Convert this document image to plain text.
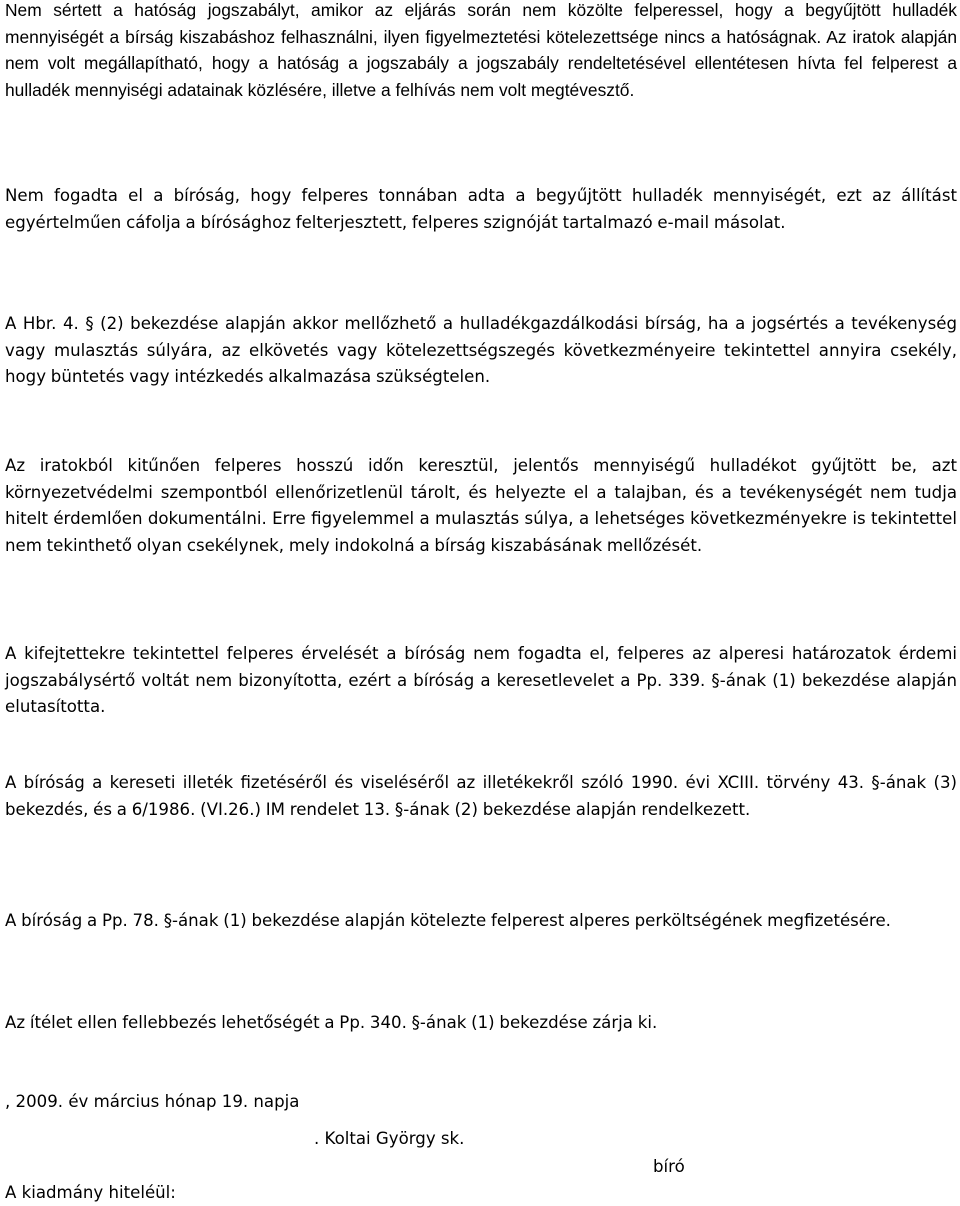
Nem sértett a hatóság jogszabályt, amikor az eljárás során nem közölte felperessel, hogy a begyűjtött hulladék mennyiségét a bírság kiszabáshoz felhasználni, ilyen figyelmeztetési kötelezettsége nincs a hatóságnak. Az iratok alapján nem volt megállapítható, hogy a hatóság a jogszabály a jogszabály rendeltetésével ellentétesen hívta fel felperest a hulladék mennyiségi adatainak közlésére, illetve a felhívás nem volt megtévesztő.

Nem fogadta el a bíróság, hogy felperes tonnában adta a begyűjtött hulladék mennyiségét, ezt az állítást egyértelműen cáfolja a bírósághoz felterjesztett, felperes szignóját tartalmazó e-mail másolat.

A Hbr. 4. § (2) bekezdése alapján akkor mellőzhető a hulladékgazdálkodási bírság, ha a jogsértés a tevékenység vagy mulasztás súlyára, az elkövetés vagy kötelezettségszegés következményeire tekintettel annyira csekély, hogy büntetés vagy intézkedés alkalmazása szükségtelen.

Az iratokból kitűnően felperes hosszú időn keresztül, jelentős mennyiségű hulladékot gyűjtött be, azt környezetvédelmi szempontból ellenőrizetlenül tárolt, és helyezte el a talajban, és a tevékenységét nem tudja hitelt érdemlően dokumentálni. Erre figyelemmel a mulasztás súlya, a lehetséges következményekre is tekintettel nem tekinthető olyan csekélynek, mely indokolná a bírság kiszabásának mellőzését.

A kifejtettekre tekintettel felperes érvelését a bíróság nem fogadta el, felperes az alperesi határozatok érdemi jogszabálysértő voltát nem bizonyította, ezért a bíróság a keresetlevelet a Pp. 339. §-ának (1) bekezdése alapján elutasította.

A bíróság a kereseti illeték fizetéséről és viseléséről az illetékekről szóló 1990. évi XCIII. törvény 43. §-ának (3) bekezdés, és a 6/1986. (VI.26.) IM rendelet 13. §-ának (2) bekezdése alapján rendelkezett.

A bíróság a Pp. 78. §-ának (1) bekezdése alapján kötelezte felperest alperes perköltségének megfizetésére.

Az ítélet ellen fellebbezés lehetőségét a Pp. 340. §-ának (1) bekezdése zárja ki.

, 2009. év március hónap 19. napja

. Koltai György sk.

bíró

A kiadmány hiteléül:
